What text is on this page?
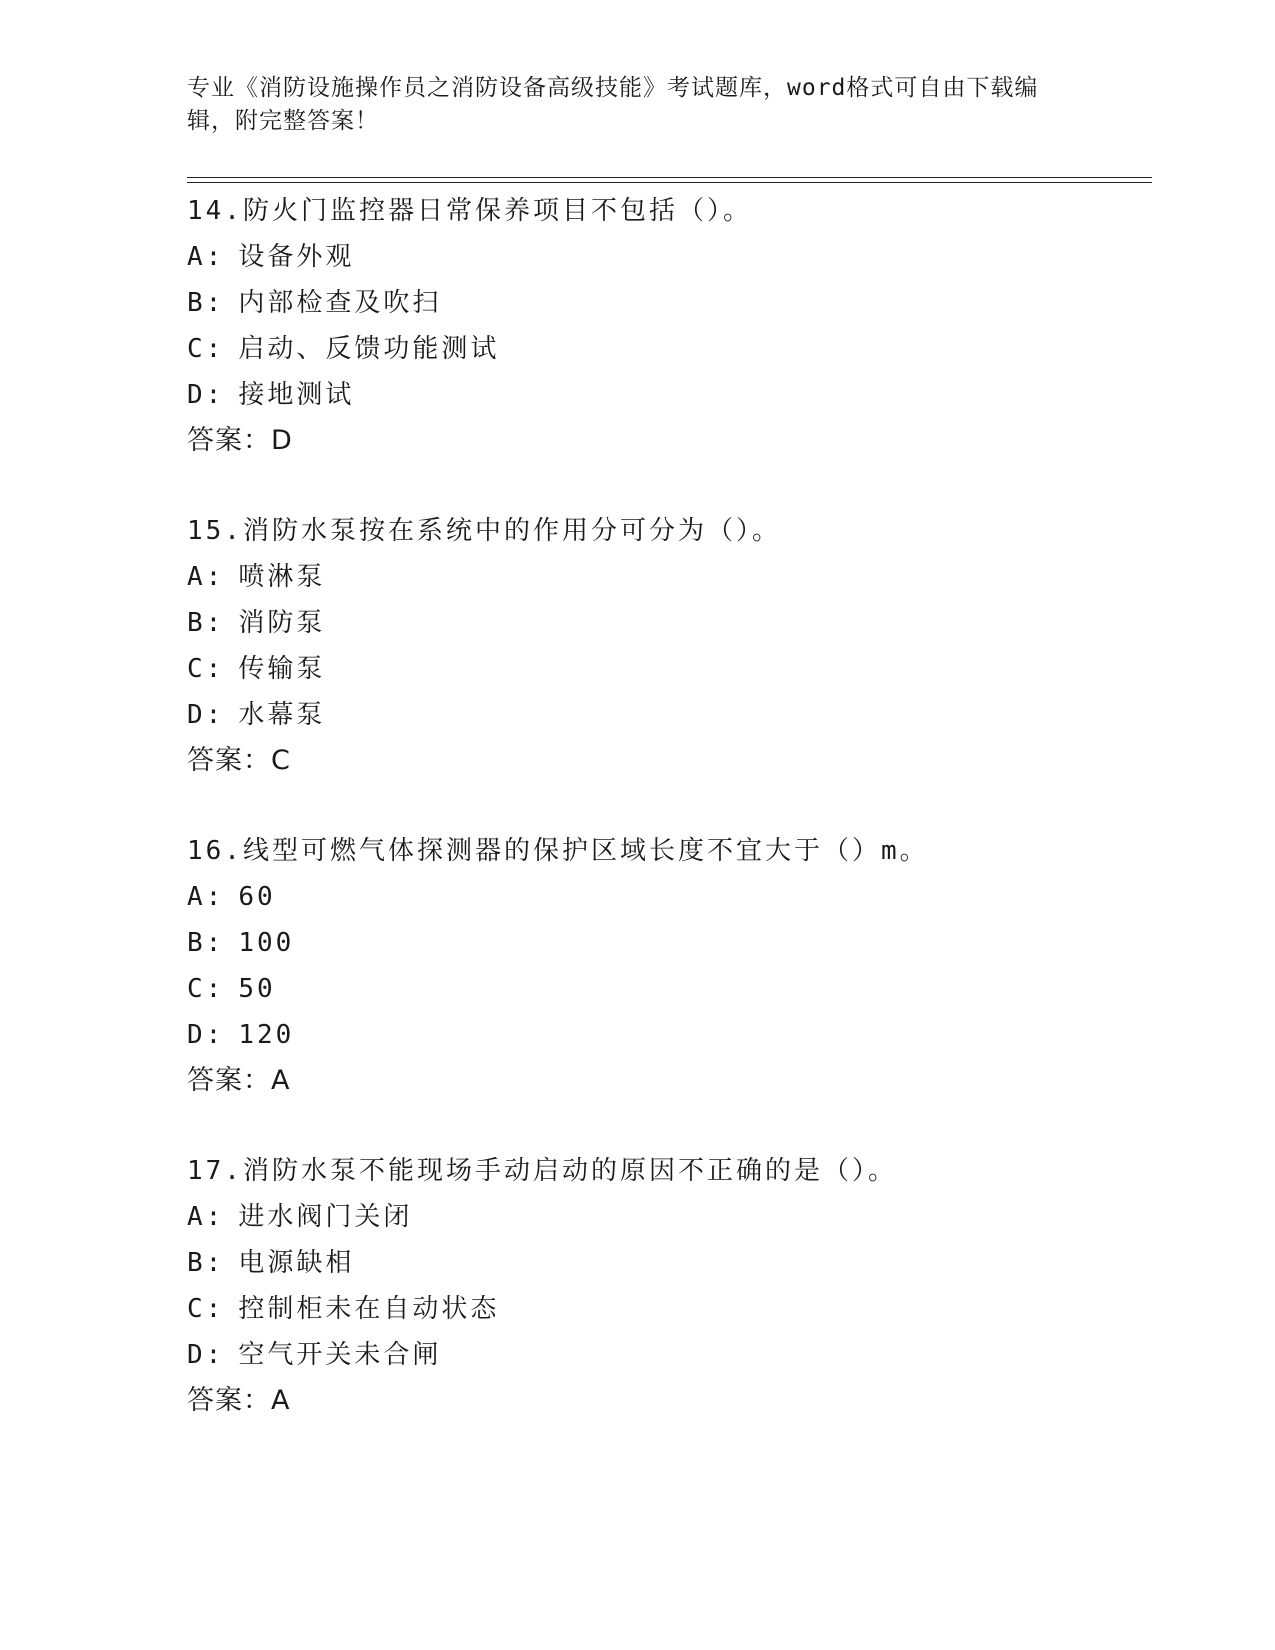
专业《消防设施操作员之消防设备高级技能》考试题库，word格式可自由下载编
辑，附完整答案！
14.防火门监控器日常保养项目不包括（）。
A: 设备外观
B: 内部检查及吹扫
C: 启动、反馈功能测试
D: 接地测试
答案：D
15.消防水泵按在系统中的作用分可分为（）。
A: 喷淋泵
B: 消防泵
C: 传输泵
D: 水幕泵
答案：C
16.线型可燃气体探测器的保护区域长度不宜大于（）m。
A: 60
B: 100
C: 50
D: 120
答案：A
17.消防水泵不能现场手动启动的原因不正确的是（）。
A: 进水阀门关闭
B: 电源缺相
C: 控制柜未在自动状态
D: 空气开关未合闸
答案：A
